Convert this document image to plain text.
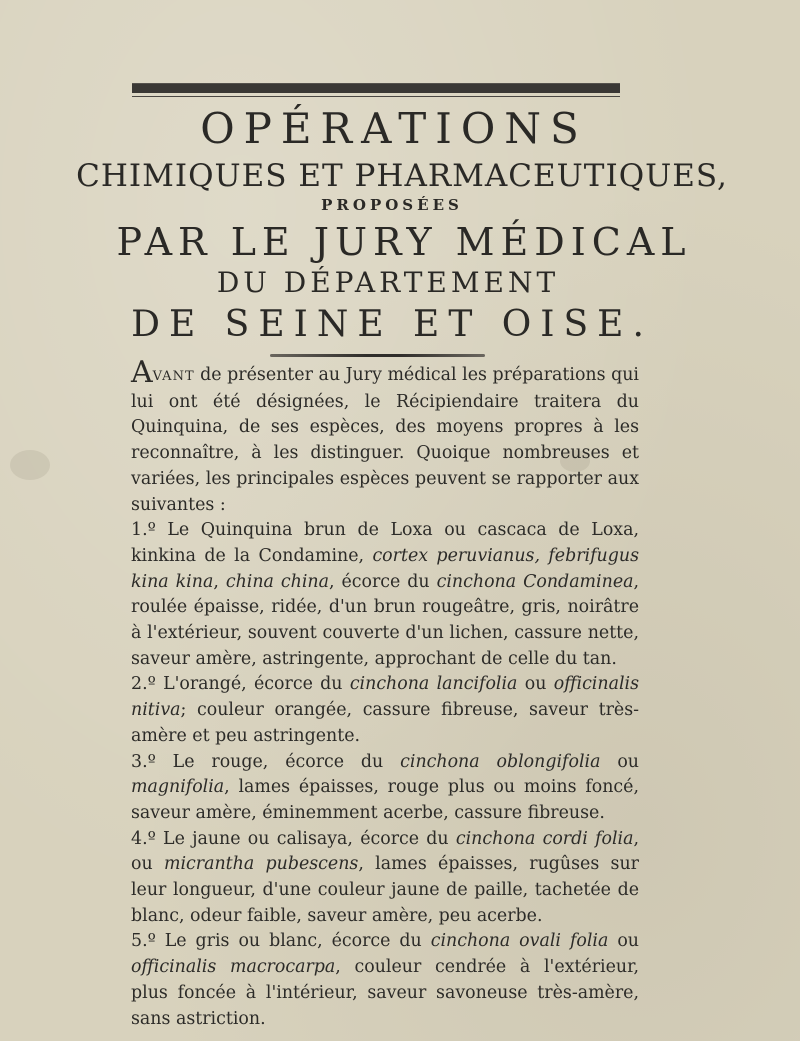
OPÉRATIONS
CHIMIQUES ET PHARMACEUTIQUES,
PROPOSÉES
PAR LE JURY MÉDICAL
DU DÉPARTEMENT
DE SEINE ET OISE.

AVANT de présenter au Jury médical les préparations qui lui ont été désignées, le Récipiendaire traitera du Quinquina, de ses espèces, des moyens propres à les reconnaître, à les distinguer. Quoique nombreuses et variées, les principales espèces peuvent se rapporter aux suivantes :

1.º Le Quinquina brun de Loxa ou cascaca de Loxa, kinkina de la Condamine, cortex peruvianus, febrifugus kina kina, china china, écorce du cinchona Condaminea, roulée épaisse, ridée, d'un brun rougeâtre, gris, noirâtre à l'extérieur, souvent couverte d'un lichen, cassure nette, saveur amère, astringente, approchant de celle du tan.

2.º L'orangé, écorce du cinchona lancifolia ou officinalis nitiva; couleur orangée, cassure fibreuse, saveur très-amère et peu astringente.

3.º Le rouge, écorce du cinchona oblongifolia ou magnifolia, lames épaisses, rouge plus ou moins foncé, saveur amère, éminemment acerbe, cassure fibreuse.

4.º Le jaune ou calisaya, écorce du cinchona cordi folia, ou micrantha pubescens, lames épaisses, rugûses sur leur longueur, d'une couleur jaune de paille, tachetée de blanc, odeur faible, saveur amère, peu acerbe.

5.º Le gris ou blanc, écorce du cinchona ovali folia ou officinalis macrocarpa, couleur cendrée à l'extérieur, plus foncée à l'intérieur, saveur savoneuse très-amère, sans astriction.
